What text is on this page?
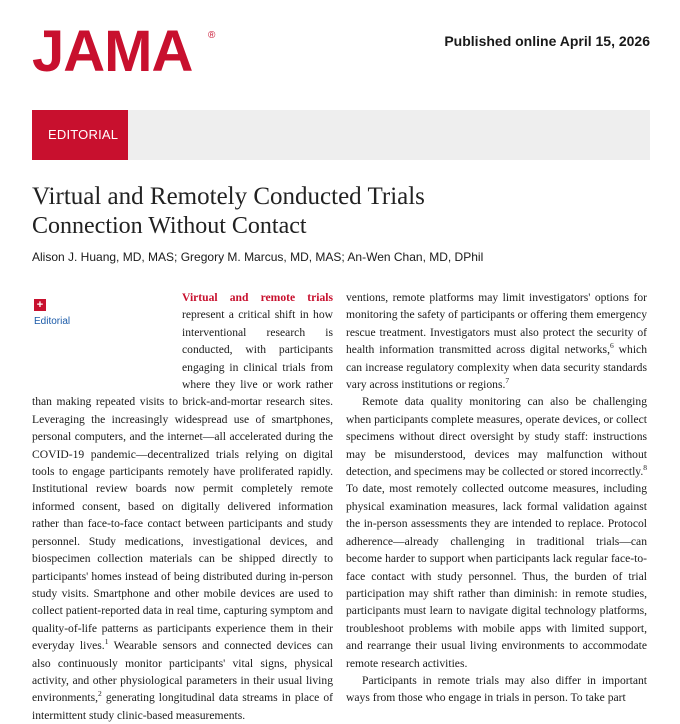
JAMA ®	Published online April 15, 2026
EDITORIAL
Virtual and Remotely Conducted Trials
Connection Without Contact
Alison J. Huang, MD, MAS; Gregory M. Marcus, MD, MAS; An-Wen Chan, MD, DPhil

+
Editorial
Virtual and remote trials represent a critical shift in how interventional research is conducted, with participants engaging in clinical trials from where they live or work rather than making repeated visits to brick-and-mortar research sites. Leveraging the increasingly widespread use of smartphones, personal computers, and the internet—all accelerated during the COVID-19 pandemic—decentralized trials relying on digital tools to engage participants remotely have proliferated rapidly. Institutional review boards now permit completely remote informed consent, based on digitally delivered information rather than face-to-face contact between participants and study personnel. Study medications, investigational devices, and biospecimen collection materials can be shipped directly to participants' homes instead of being distributed during in-person study visits. Smartphone and other mobile devices are used to collect patient-reported data in real time, capturing symptom and quality-of-life patterns as participants experience them in their everyday lives.$^1$ Wearable sensors and connected devices can also continuously monitor participants' vital signs, physical activity, and other physiological parameters in their usual living environments,$^2$ generating longitudinal data streams in place of intermittent study clinic-based measurements.

ventions, remote platforms may limit investigators' options for monitoring the safety of participants or offering them emergency rescue treatment. Investigators must also protect the security of health information transmitted across digital networks,$^6$ which can increase regulatory complexity when data security standards vary across institutions or regions.$^7$

Remote data quality monitoring can also be challenging when participants complete measures, operate devices, or collect specimens without direct oversight by study staff: instructions may be misunderstood, devices may malfunction without detection, and specimens may be collected or stored incorrectly.$^8$ To date, most remotely collected outcome measures, including physical examination measures, lack formal validation against the in-person assessments they are intended to replace. Protocol adherence—already challenging in traditional trials—can become harder to support when participants lack regular face-to-face contact with study personnel. Thus, the burden of trial participation may shift rather than diminish: in remote studies, participants must learn to navigate digital technology platforms, troubleshoot problems with mobile apps with limited support, and rearrange their usual living environments to accommodate remote research activities.

Participants in remote trials may also differ in important ways from those who engage in trials in person. To take part
